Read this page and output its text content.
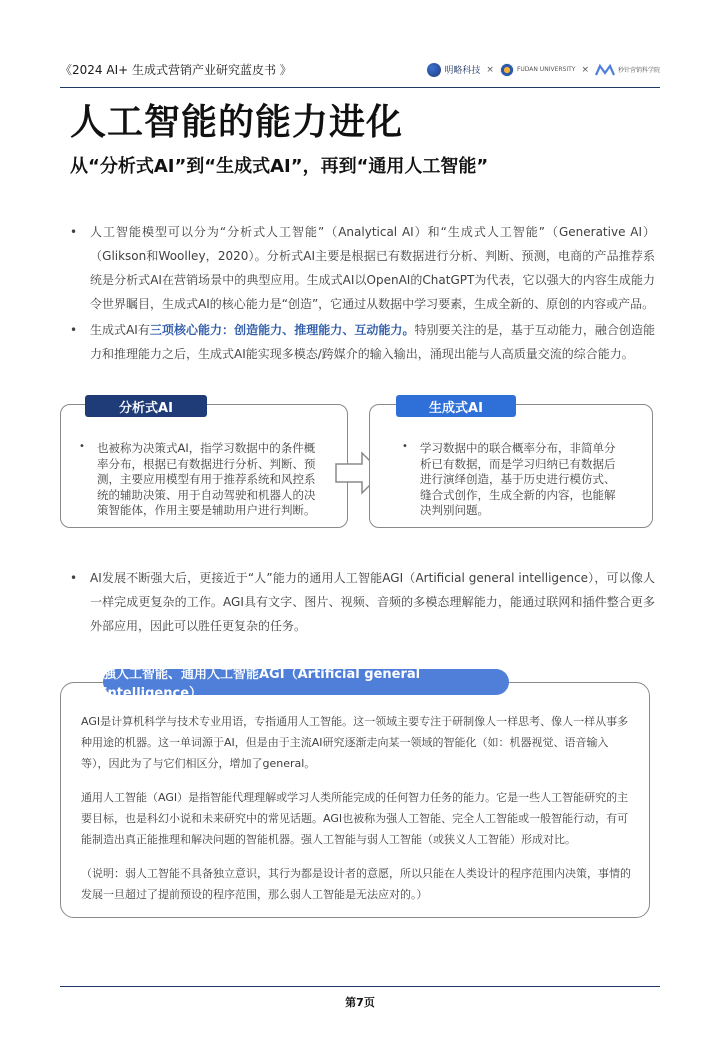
《2024 AI+ 生成式营销产业研究蓝皮书 》	明略科技 ×	FUDAN UNIVERSITY ×	秒针营销科学院
人工智能的能力进化
从“分析式AI”到“生成式AI”，再到“通用人工智能”
• 人工智能模型可以分为“分析式人工智能”（Analytical AI）和“生成式人工智能”（Generative AI）（Glikson和Woolley，2020）。分析式AI主要是根据已有数据进行分析、判断、预测，电商的产品推荐系统是分析式AI在营销场景中的典型应用。生成式AI以OpenAI的ChatGPT为代表，它以强大的内容生成能力令世界瞩目，生成式AI的核心能力是“创造”，它通过从数据中学习要素，生成全新的、原创的内容或产品。
• 生成式AI有三项核心能力：创造能力、推理能力、互动能力。特别要关注的是，基于互动能力，融合创造能力和推理能力之后，生成式AI能实现多模态/跨媒介的输入输出，涌现出能与人高质量交流的综合能力。
分析式AI
• 也被称为决策式AI，指学习数据中的条件概率分布，根据已有数据进行分析、判断、预测，主要应用模型有用于推荐系统和风控系统的辅助决策、用于自动驾驶和机器人的决策智能体，作用主要是辅助用户进行判断。
生成式AI
• 学习数据中的联合概率分布，非简单分析已有数据，而是学习归纳已有数据后进行演绎创造，基于历史进行模仿式、缝合式创作，生成全新的内容，也能解决判别问题。
• AI发展不断强大后，更接近于“人”能力的通用人工智能AGI（Artificial general intelligence），可以像人一样完成更复杂的工作。AGI具有文字、图片、视频、音频的多模态理解能力，能通过联网和插件整合更多外部应用，因此可以胜任更复杂的任务。
强人工智能、通用人工智能AGI（Artificial general intelligence）

AGI是计算机科学与技术专业用语，专指通用人工智能。这一领域主要专注于研制像人一样思考、像人一样从事多种用途的机器。这一单词源于AI，但是由于主流AI研究逐渐走向某一领域的智能化（如：机器视觉、语音输入等），因此为了与它们相区分，增加了general。

通用人工智能（AGI）是指智能代理理解或学习人类所能完成的任何智力任务的能力。它是一些人工智能研究的主要目标，也是科幻小说和未来研究中的常见话题。AGI也被称为强人工智能、完全人工智能或一般智能行动，有可能制造出真正能推理和解决问题的智能机器。强人工智能与弱人工智能（或狭义人工智能）形成对比。

（说明：弱人工智能不具备独立意识，其行为都是设计者的意愿，所以只能在人类设计的程序范围内决策，事情的发展一旦超过了提前预设的程序范围，那么弱人工智能是无法应对的。）

第7页
